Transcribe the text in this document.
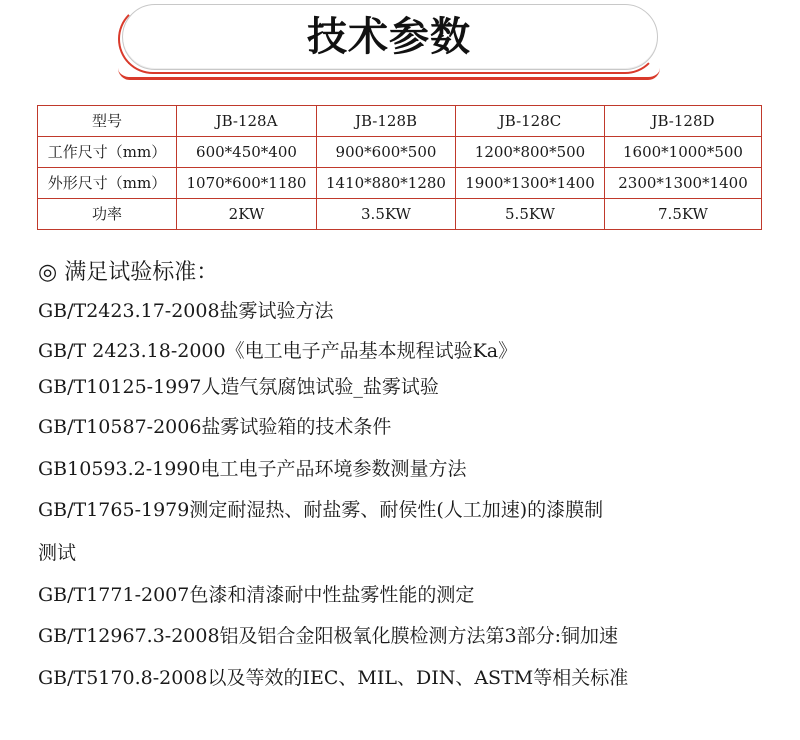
技术参数
型号	JB-128A	JB-128B	JB-128C	JB-128D
工作尺寸（mm）	600*450*400	900*600*500	1200*800*500	1600*1000*500
外形尺寸（mm）	1070*600*1180	1410*880*1280	1900*1300*1400	2300*1300*1400
功率	2KW	3.5KW	5.5KW	7.5KW
◎ 满足试验标准：
GB/T2423.17-2008盐雾试验方法
GB/T 2423.18-2000《电工电子产品基本规程试验Ka》
GB/T10125-1997人造气氛腐蚀试验_盐雾试验
GB/T10587-2006盐雾试验箱的技术条件
GB10593.2-1990电工电子产品环境参数测量方法
GB/T1765-1979测定耐湿热、耐盐雾、耐侯性(人工加速)的漆膜制
测试
GB/T1771-2007色漆和清漆耐中性盐雾性能的测定
GB/T12967.3-2008铝及铝合金阳极氧化膜检测方法第3部分:铜加速
GB/T5170.8-2008以及等效的IEC、MIL、DIN、ASTM等相关标准
